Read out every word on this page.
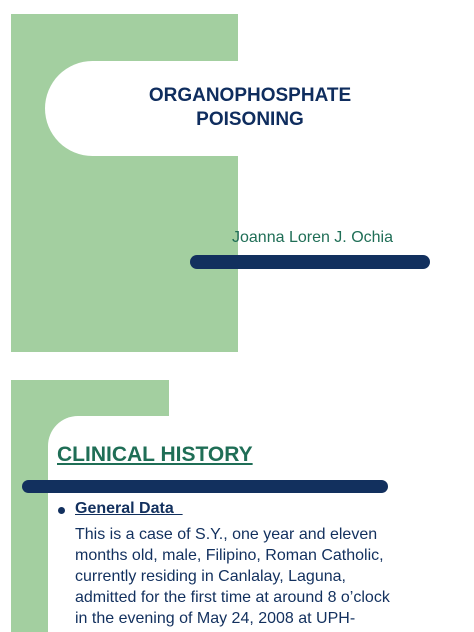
ORGANOPHOSPHATE
POISONING

Joanna Loren J. Ochia

CLINICAL HISTORY

General Data

This is a case of S.Y., one year and eleven
months old, male, Filipino, Roman Catholic,
currently residing in Canlalay, Laguna,
admitted for the first time at around 8 o’clock
in the evening of May 24, 2008 at UPH-
